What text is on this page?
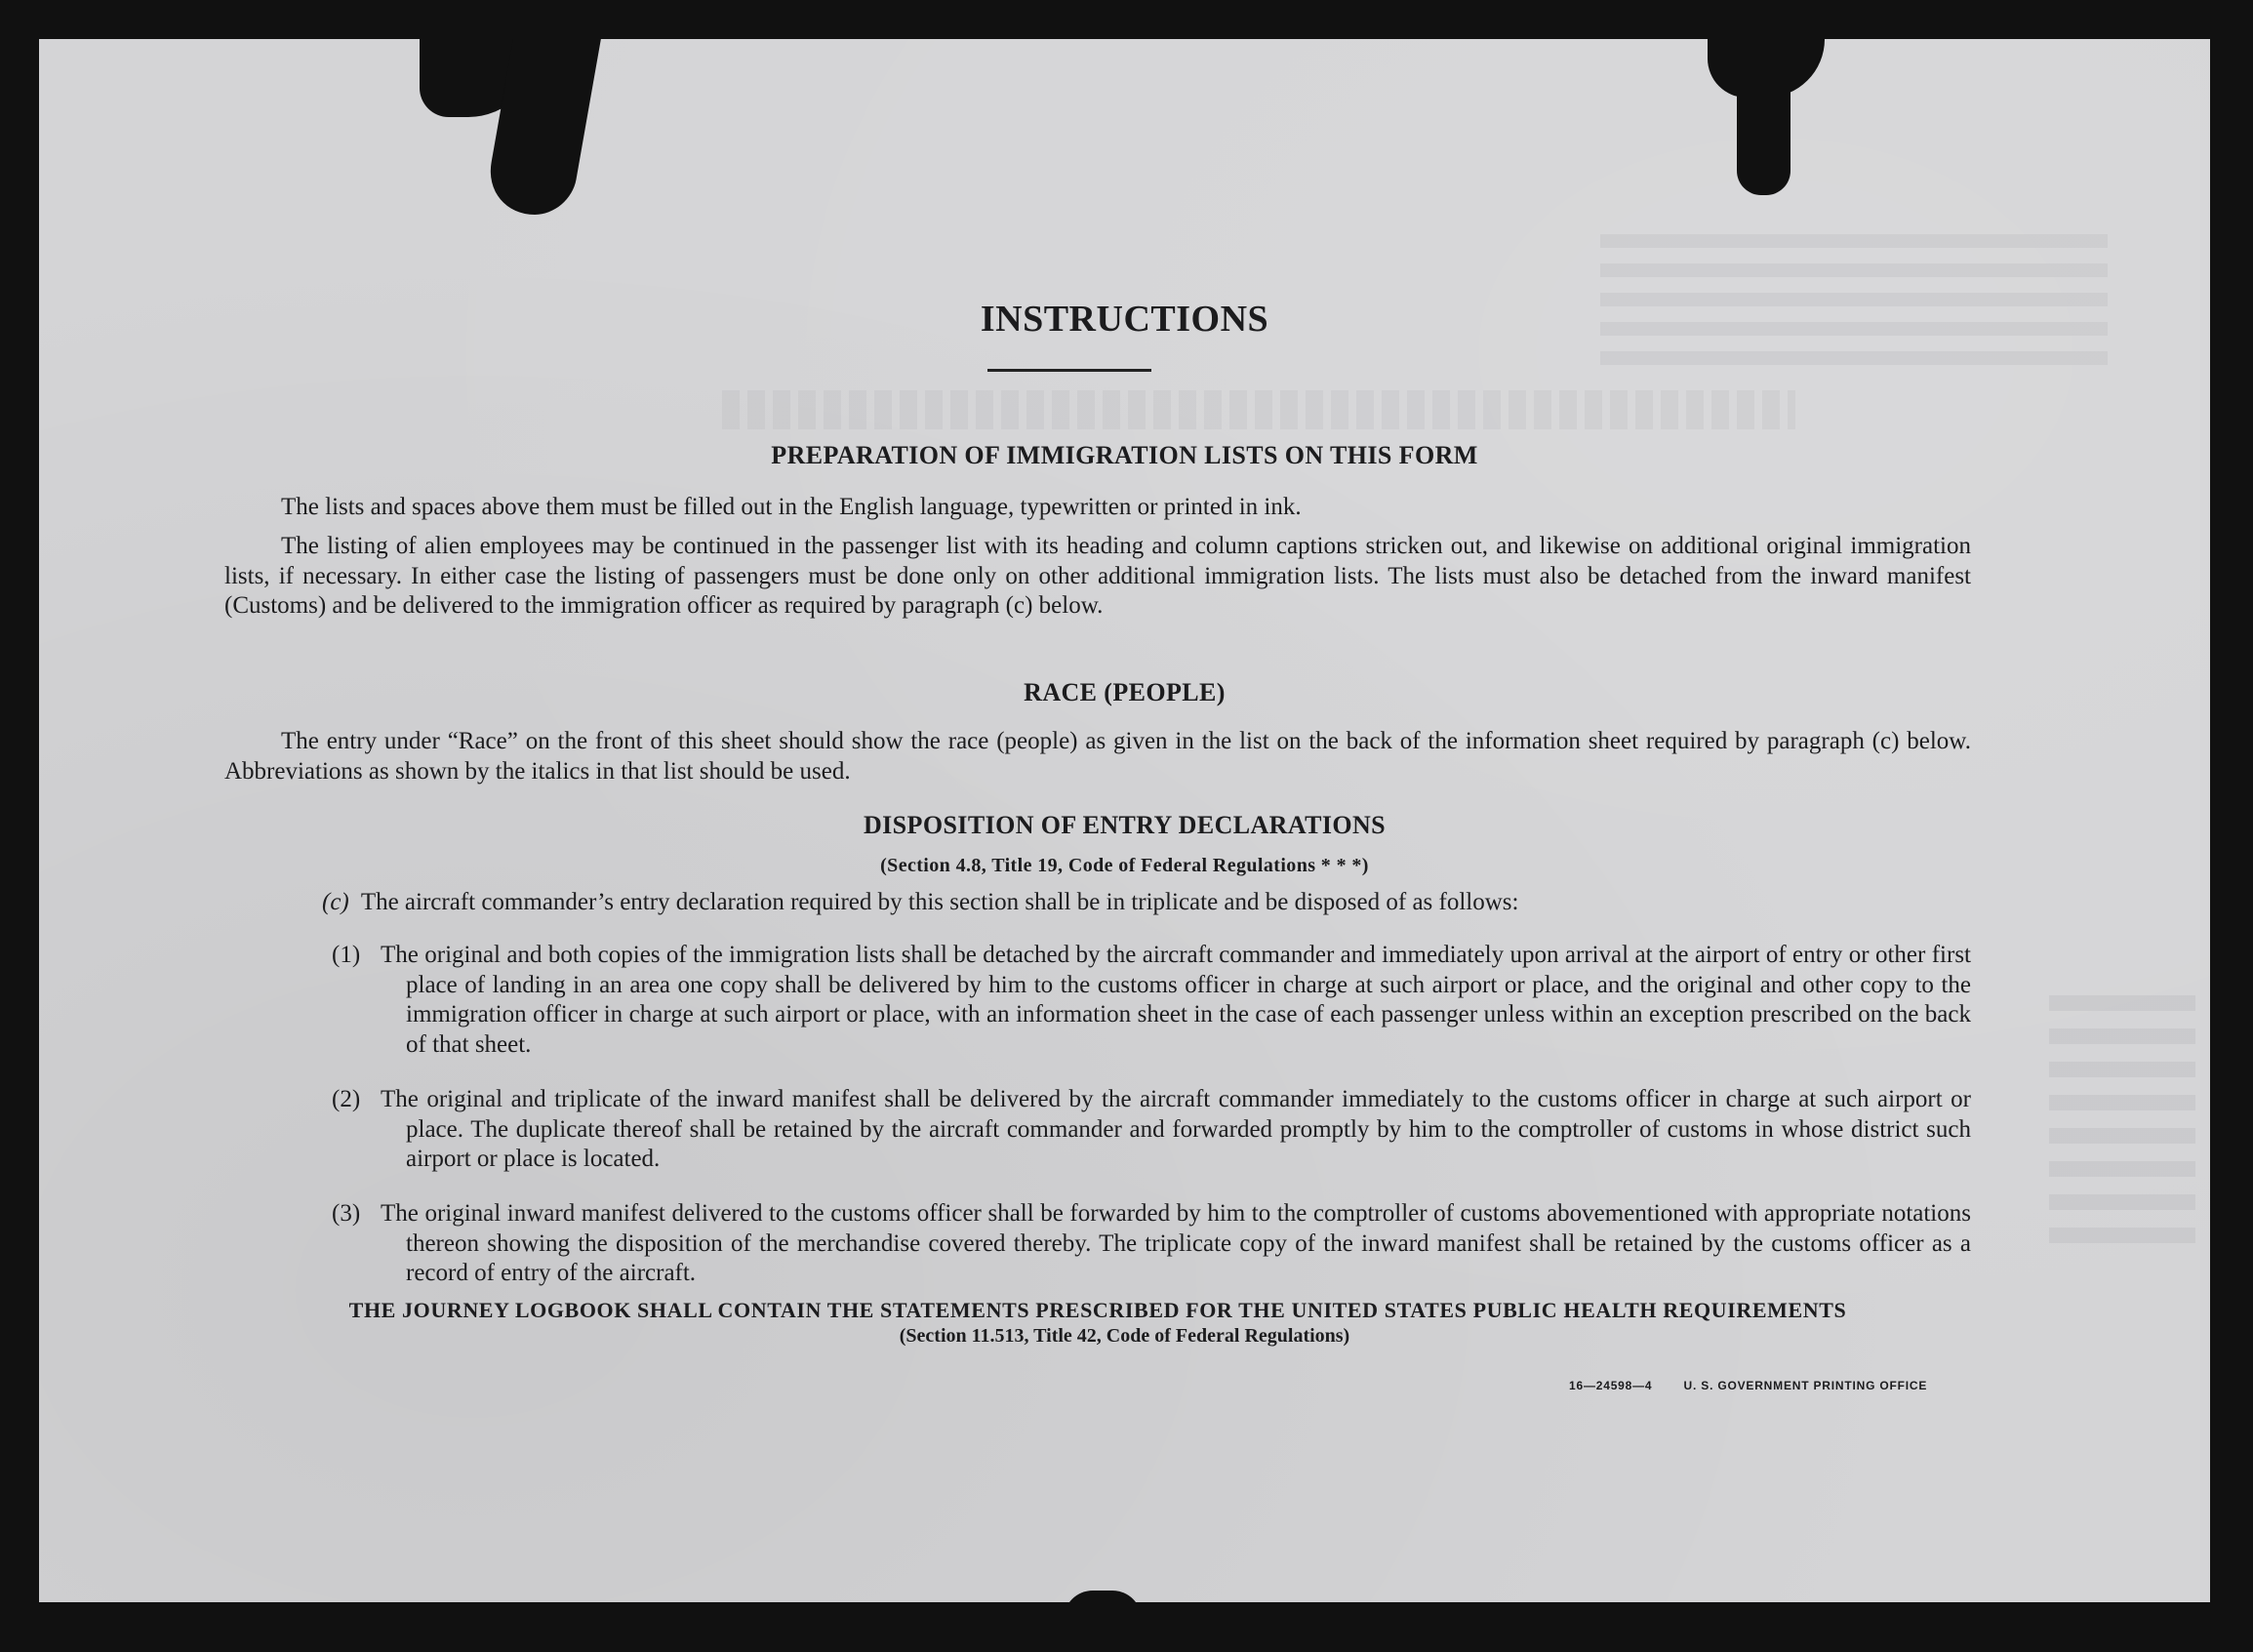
INSTRUCTIONS

PREPARATION OF IMMIGRATION LISTS ON THIS FORM

The lists and spaces above them must be filled out in the English language, typewritten or printed in ink.

The listing of alien employees may be continued in the passenger list with its heading and column captions stricken out, and likewise on additional original immigration lists, if necessary. In either case the listing of passengers must be done only on other additional immigration lists. The lists must also be detached from the inward manifest (Customs) and be delivered to the immigration officer as required by paragraph (c) below.

RACE (PEOPLE)

The entry under “Race” on the front of this sheet should show the race (people) as given in the list on the back of the information sheet required by paragraph (c) below. Abbreviations as shown by the italics in that list should be used.

DISPOSITION OF ENTRY DECLARATIONS

(Section 4.8, Title 19, Code of Federal Regulations * * *)

(c) The aircraft commander’s entry declaration required by this section shall be in triplicate and be disposed of as follows:

(1) The original and both copies of the immigration lists shall be detached by the aircraft commander and immediately upon arrival at the airport of entry or other first place of landing in an area one copy shall be delivered by him to the customs officer in charge at such airport or place, and the original and other copy to the immigration officer in charge at such airport or place, with an information sheet in the case of each passenger unless within an exception prescribed on the back of that sheet.

(2) The original and triplicate of the inward manifest shall be delivered by the aircraft commander immediately to the customs officer in charge at such airport or place. The duplicate thereof shall be retained by the aircraft commander and forwarded promptly by him to the comptroller of customs in whose district such airport or place is located.

(3) The original inward manifest delivered to the customs officer shall be forwarded by him to the comptroller of customs abovementioned with appropriate notations thereon showing the disposition of the merchandise covered thereby. The triplicate copy of the inward manifest shall be retained by the customs officer as a record of entry of the aircraft.

THE JOURNEY LOGBOOK SHALL CONTAIN THE STATEMENTS PRESCRIBED FOR THE UNITED STATES PUBLIC HEALTH REQUIREMENTS

(Section 11.513, Title 42, Code of Federal Regulations)

16—24598—4	U. S. GOVERNMENT PRINTING OFFICE
